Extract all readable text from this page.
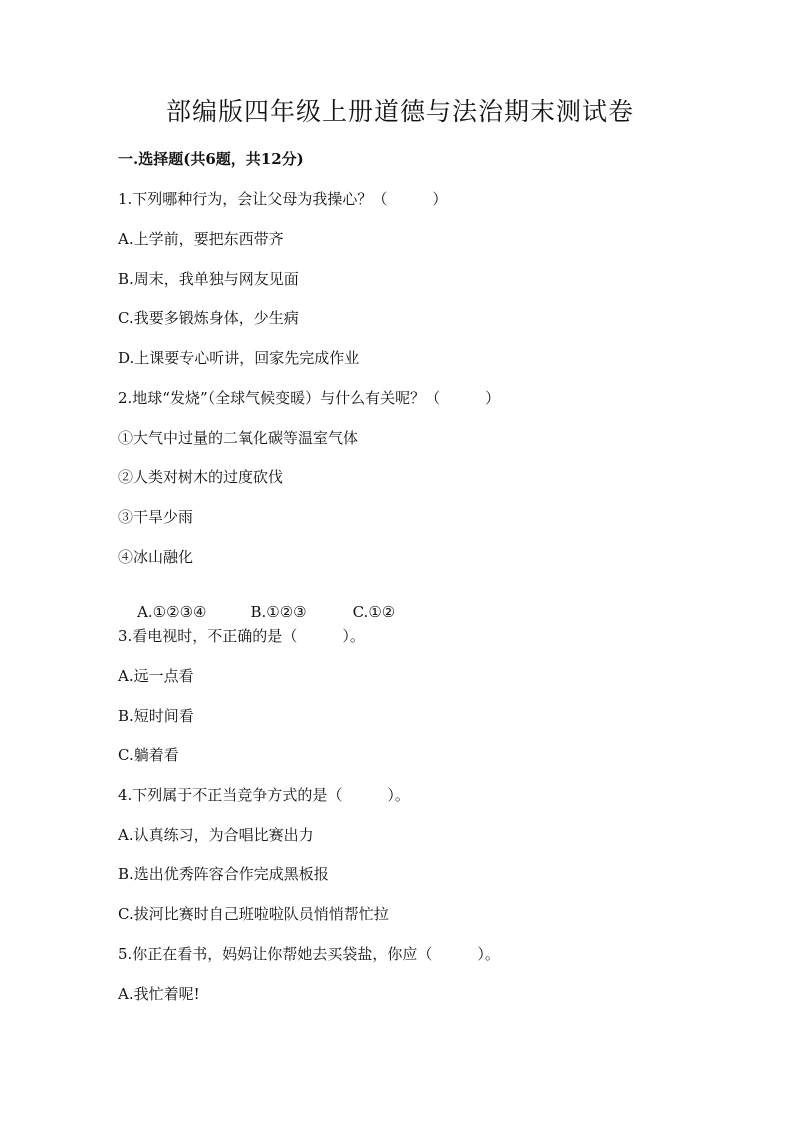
部编版四年级上册道德与法治期末测试卷

一.选择题(共6题，共12分)

1.下列哪种行为，会让父母为我操心？（　　　）

A.上学前，要把东西带齐

B.周末，我单独与网友见面

C.我要多锻炼身体，少生病

D.上课要专心听讲，回家先完成作业

2.地球“发烧”（全球气候变暖）与什么有关呢？（　　　）

①大气中过量的二氧化碳等温室气体

②人类对树木的过度砍伐

③干旱少雨

④冰山融化

A.①②③④	B.①②③	C.①②

3.看电视时，不正确的是（　　　）。

A.远一点看

B.短时间看

C.躺着看

4.下列属于不正当竞争方式的是（　　　）。

A.认真练习，为合唱比赛出力

B.选出优秀阵容合作完成黑板报

C.拔河比赛时自己班啦啦队员悄悄帮忙拉

5.你正在看书，妈妈让你帮她去买袋盐，你应（　　　）。

A.我忙着呢!
